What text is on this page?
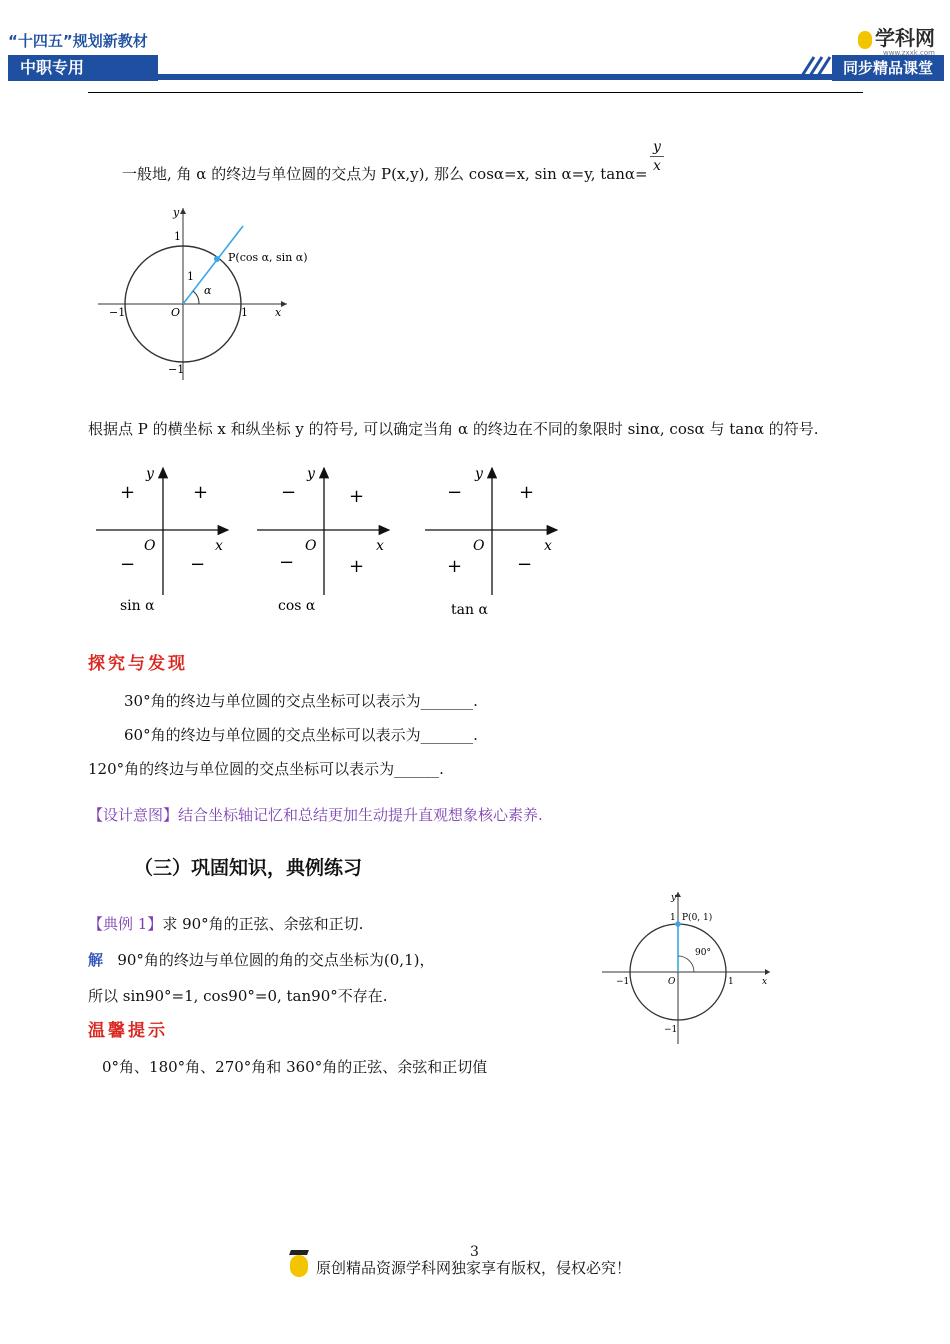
“十四五”规划新教材
中职专用	同步精品课堂
学科网
www.zxxk.com
一般地, 角 α 的终边与单位圆的交点为 P(x,y), 那么 cosα=x, sin α=y, tanα=
y
x
P(cos α, sin α)
α
1
1
1
−1
−1
O	x
y
根据点 P 的横坐标 x 和纵坐标 y 的符号, 可以确定当角 α 的终边在不同的象限时 sinα, cosα 与 tanα 的符号.
y
x
O
+	+
−	−
sin α
y
x
O
−	+
−	+
cos α
y
x
O
−	+
+	−
tan α
探究与发现
30°角的终边与单位圆的交点坐标可以表示为_______.
60°角的终边与单位圆的交点坐标可以表示为_______.
120°角的终边与单位圆的交点坐标可以表示为______.
【设计意图】结合坐标轴记忆和总结更加生动提升直观想象核心素养.
（三）巩固知识，典例练习
【典例 1】求 90°角的正弦、余弦和正切.
解 90°角的终边与单位圆的角的交点坐标为(0,1)，
所以 sin90°=1, cos90°=0, tan90°不存在.
P(0, 1)
90°
1
1
−1
−1
O	x
y
温馨提示
0°角、180°角、270°角和 360°角的正弦、余弦和正切值
3
原创精品资源学科网独家享有版权，侵权必究！
